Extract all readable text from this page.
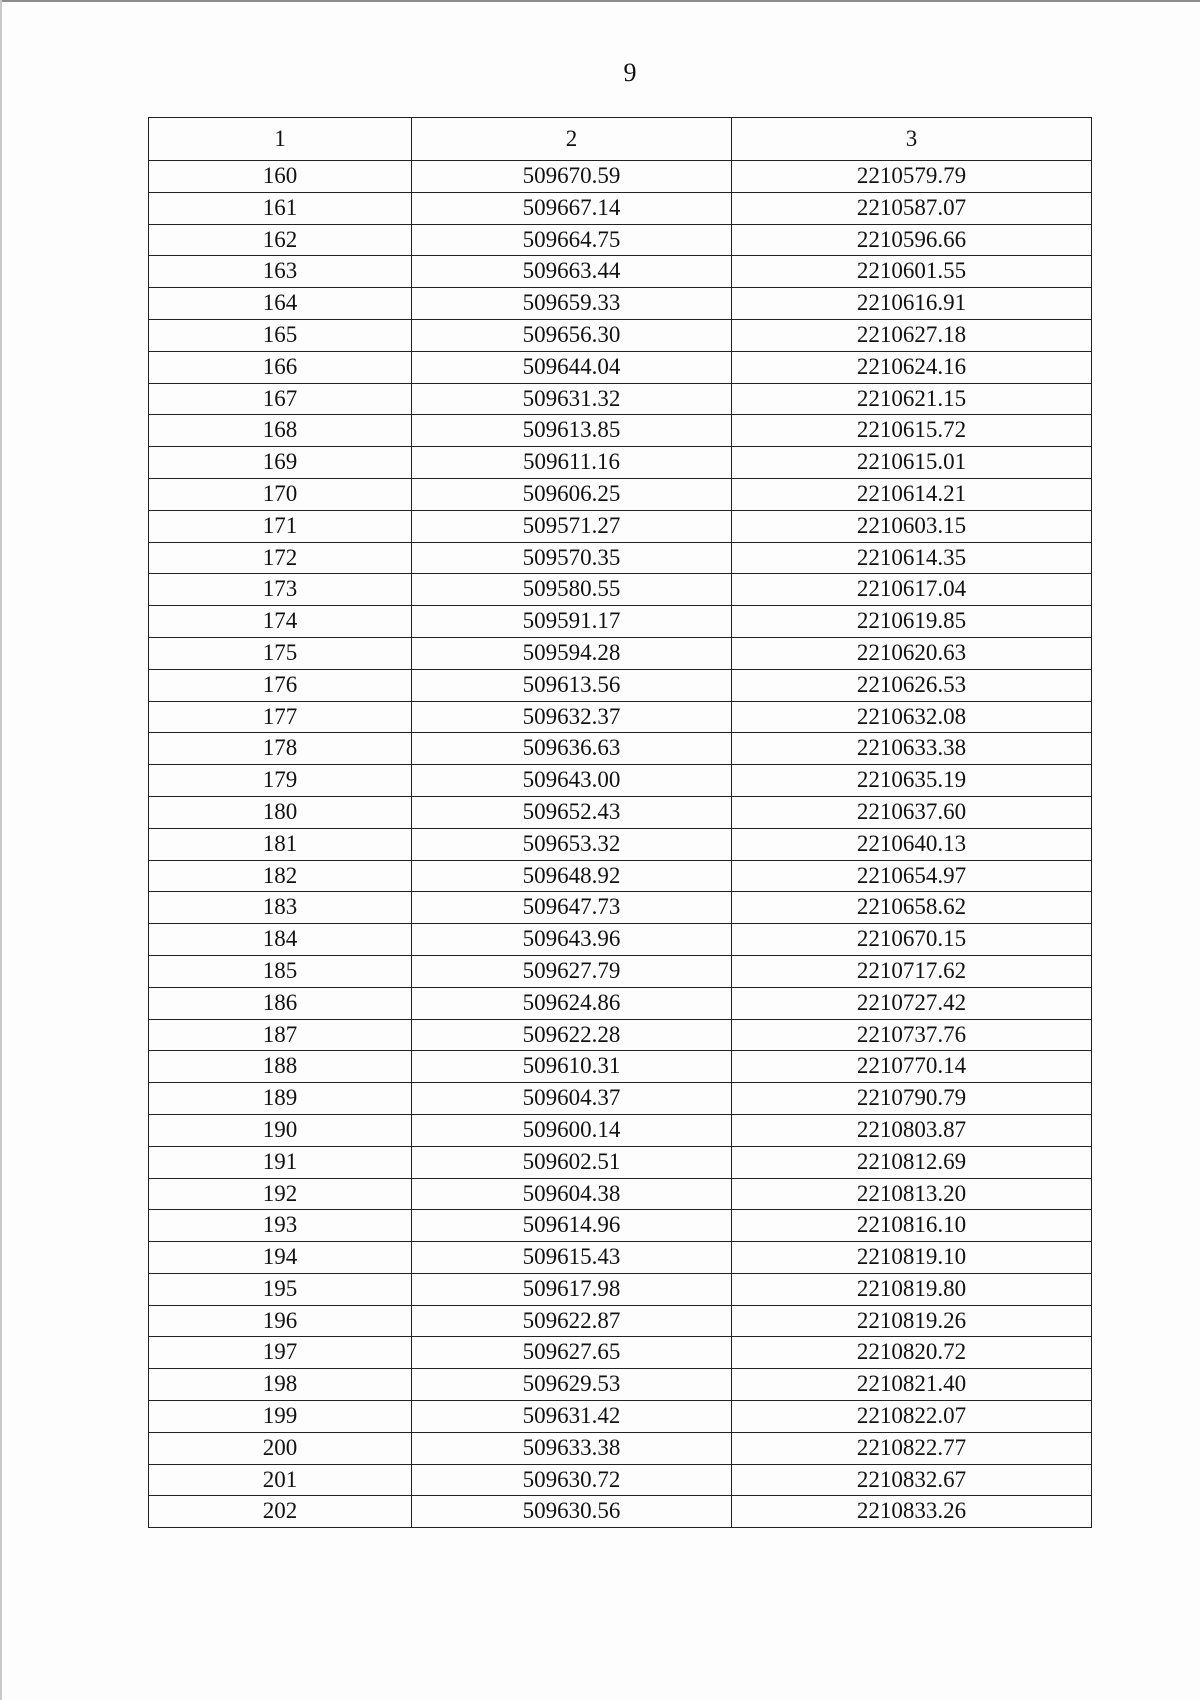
9
1	2	3
160	509670.59	2210579.79
161	509667.14	2210587.07
162	509664.75	2210596.66
163	509663.44	2210601.55
164	509659.33	2210616.91
165	509656.30	2210627.18
166	509644.04	2210624.16
167	509631.32	2210621.15
168	509613.85	2210615.72
169	509611.16	2210615.01
170	509606.25	2210614.21
171	509571.27	2210603.15
172	509570.35	2210614.35
173	509580.55	2210617.04
174	509591.17	2210619.85
175	509594.28	2210620.63
176	509613.56	2210626.53
177	509632.37	2210632.08
178	509636.63	2210633.38
179	509643.00	2210635.19
180	509652.43	2210637.60
181	509653.32	2210640.13
182	509648.92	2210654.97
183	509647.73	2210658.62
184	509643.96	2210670.15
185	509627.79	2210717.62
186	509624.86	2210727.42
187	509622.28	2210737.76
188	509610.31	2210770.14
189	509604.37	2210790.79
190	509600.14	2210803.87
191	509602.51	2210812.69
192	509604.38	2210813.20
193	509614.96	2210816.10
194	509615.43	2210819.10
195	509617.98	2210819.80
196	509622.87	2210819.26
197	509627.65	2210820.72
198	509629.53	2210821.40
199	509631.42	2210822.07
200	509633.38	2210822.77
201	509630.72	2210832.67
202	509630.56	2210833.26
